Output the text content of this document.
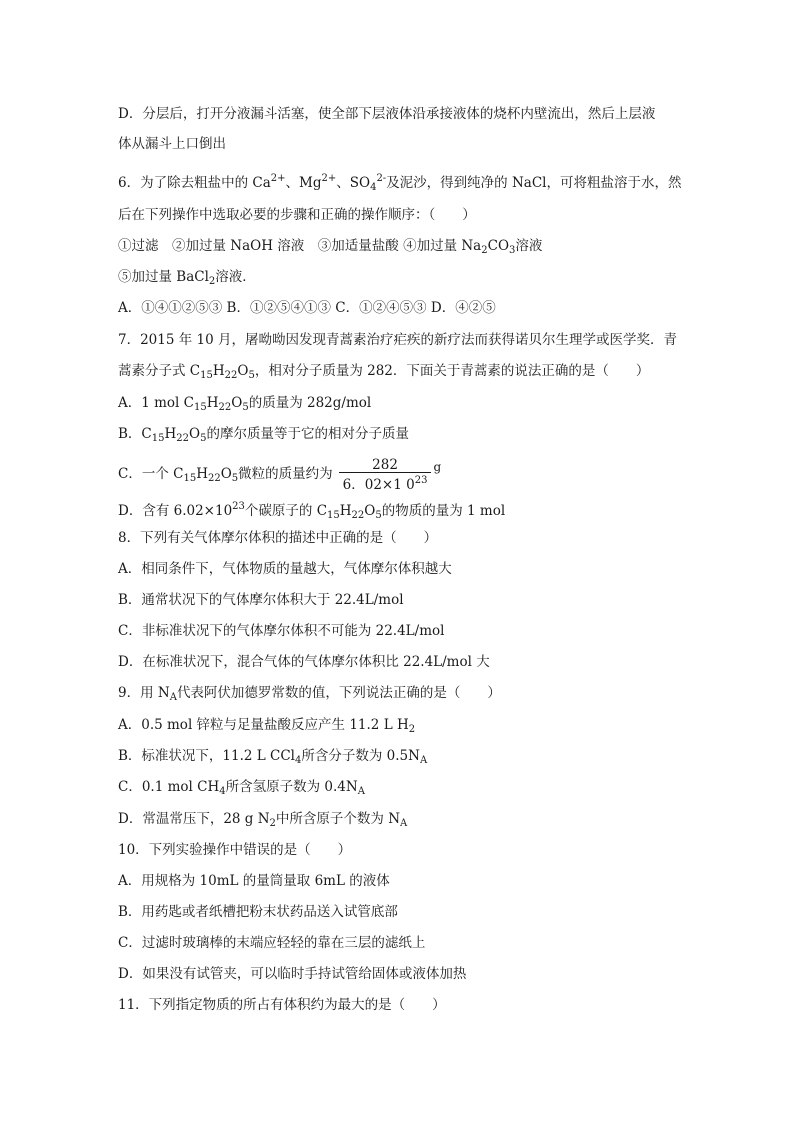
D．分层后，打开分液漏斗活塞，使全部下层液体沿承接液体的烧杯内壁流出，然后上层液
体从漏斗上口倒出
6．为了除去粗盐中的 $Ca^{2+}$、$Mg^{2+}$、$SO_4^{2-}$及泥沙，得到纯净的 NaCl，可将粗盐溶于水，然
后在下列操作中选取必要的步骤和正确的操作顺序：（　　）
①过滤　②加过量 NaOH 溶液　③加适量盐酸 ④加过量 $Na_2CO_3$溶液
⑤加过量 BaCl$_2$溶液．
A．①④①②⑤③ B．①②⑤④①③ C．①②④⑤③ D．④②⑤
7．2015 年 10 月，屠呦呦因发现青蒿素治疗疟疾的新疗法而获得诺贝尔生理学或医学奖．青
蒿素分子式 $C_{15}H_{22}O_5$，相对分子质量为 282．下面关于青蒿素的说法正确的是（　　）
A．1 mol $C_{15}H_{22}O_5$的质量为 282g/mol
B．$C_{15}H_{22}O_5$的摩尔质量等于它的相对分子质量
C．一个 $C_{15}H_{22}O_5$微粒的质量约为 $\frac{282}{6.02\times 1 0^{23}}$ g
D．含有 $6.02\times 10^{23}$个碳原子的 $C_{15}H_{22}O_5$的物质的量为 1 mol
8．下列有关气体摩尔体积的描述中正确的是（　　）
A．相同条件下，气体物质的量越大，气体摩尔体积越大
B．通常状况下的气体摩尔体积大于 22.4L/mol
C．非标准状况下的气体摩尔体积不可能为 22.4L/mol
D．在标准状况下，混合气体的气体摩尔体积比 22.4L/mol 大
9．用 $N_A$代表阿伏加德罗常数的值，下列说法正确的是（　　）
A．0.5 mol 锌粒与足量盐酸反应产生 11.2 L $H_2$
B．标准状况下，11.2 L CCl$_4$所含分子数为 $0.5N_A$
C．0.1 mol $CH_4$所含氢原子数为 $0.4N_A$
D．常温常压下，28 g $N_2$中所含原子个数为 $N_A$
10．下列实验操作中错误的是（　　）
A．用规格为 10mL 的量筒量取 6mL 的液体
B．用药匙或者纸槽把粉末状药品送入试管底部
C．过滤时玻璃棒的末端应轻轻的靠在三层的滤纸上
D．如果没有试管夹，可以临时手持试管给固体或液体加热
11．下列指定物质的所占有体积约为最大的是（　　）
